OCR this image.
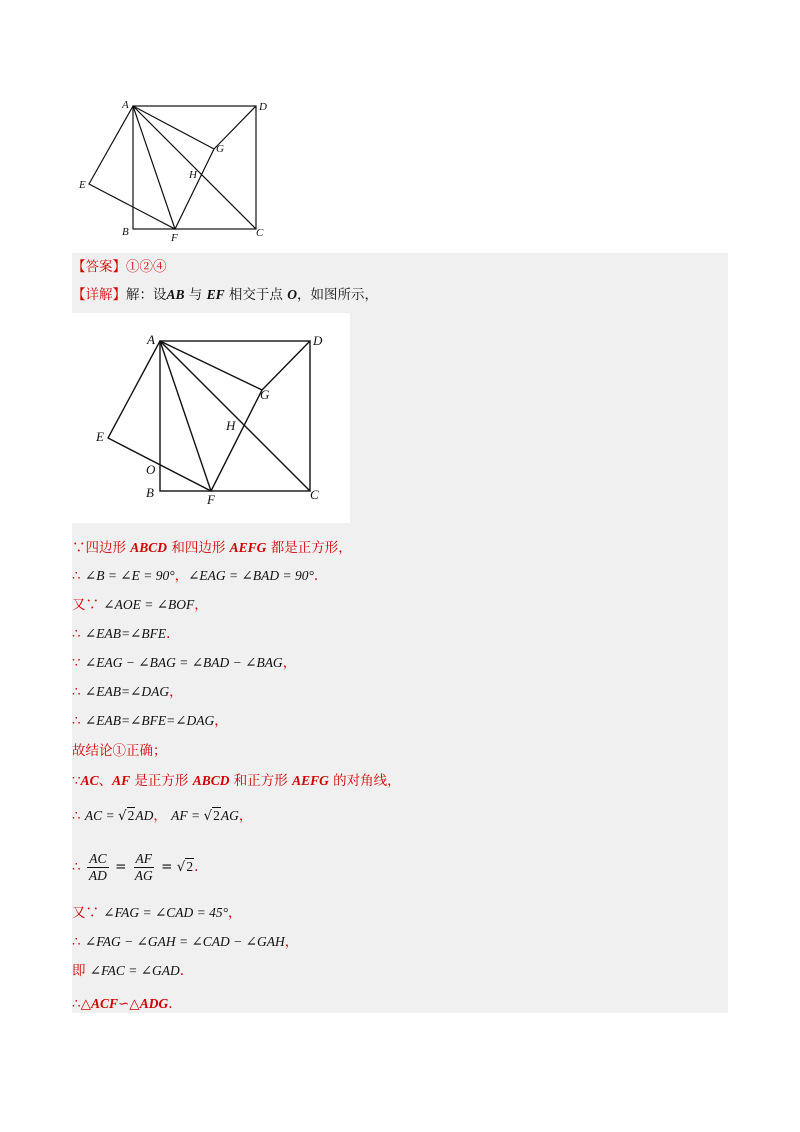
A	D
G
H
E
B	F	C
【答案】①②④
【详解】解：设AB 与 EF 相交于点 O，如图所示，
A	D
G
H
E
O
B	F	C
∵四边形 ABCD 和四边形 AEFG 都是正方形，
∴ ∠B = ∠E = 90°，∠EAG = ∠BAD = 90°.
又∵ ∠AOE = ∠BOF，
∴ ∠EAB=∠BFE.
∵ ∠EAG − ∠BAG = ∠BAD − ∠BAG，
∴ ∠EAB=∠DAG，
∴ ∠EAB=∠BFE=∠DAG，
故结论①正确；
∵AC、AF 是正方形 ABCD 和正方形 AEFG 的对角线，
∴ AC = √2AD， AF = √2AG，
∴ $\frac{AC}{AD} = \frac{AF}{AG} = √2$.
又∵ ∠FAG = ∠CAD = 45°，
∴ ∠FAG − ∠GAH = ∠CAD − ∠GAH，
即 ∠FAC = ∠GAD.
∴△ACF∽△ADG.
